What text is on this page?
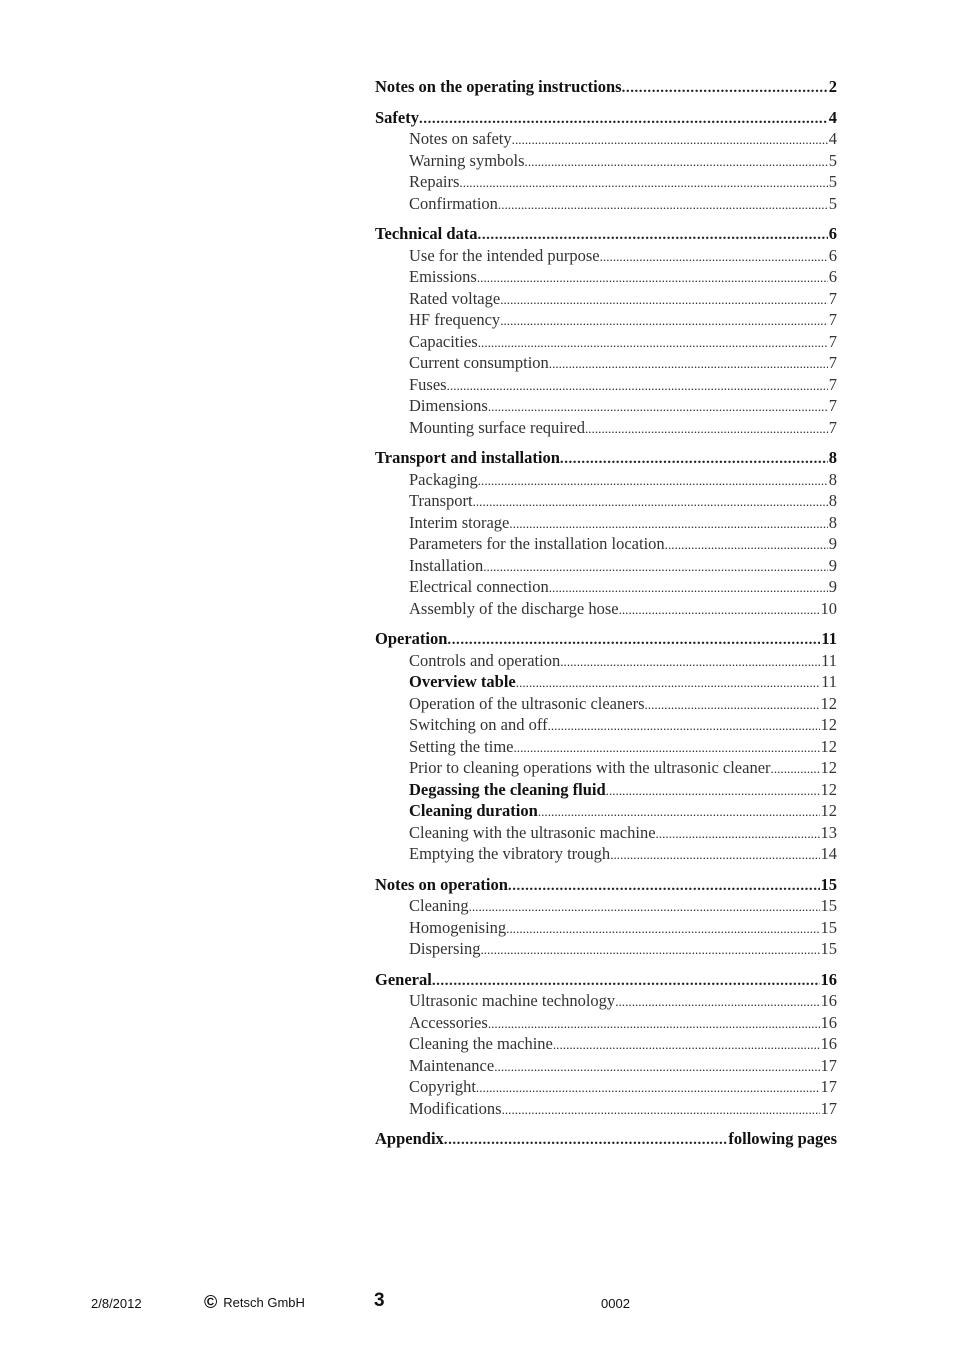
Notes on the operating instructions . . .	2
Safety . . .	4
Notes on safety . . .	4
Warning symbols . . .	5
Repairs . . .	5
Confirmation . . .	5
Technical data . . .	6
Use for the intended purpose . . .	6
Emissions . . .	6
Rated voltage . . .	7
HF frequency . . .	7
Capacities . . .	7
Current consumption . . .	7
Fuses . . .	7
Dimensions . . .	7
Mounting surface required . . .	7
Transport and installation . . .	8
Packaging . . .	8
Transport . . .	8
Interim storage . . .	8
Parameters for the installation location . . .	9
Installation . . .	9
Electrical connection . . .	9
Assembly of the discharge hose . . .	10
Operation . . .	11
Controls and operation . . .	11
Overview table . . .	11
Operation of the ultrasonic cleaners . . .	12
Switching on and off . . .	12
Setting the time . . .	12
Prior to cleaning operations with the ultrasonic cleaner . . .	12
Degassing the cleaning fluid . . .	12
Cleaning duration . . .	12
Cleaning with the ultrasonic machine . . .	13
Emptying the vibratory trough . . .	14
Notes on operation . . .	15
Cleaning . . .	15
Homogenising . . .	15
Dispersing . . .	15
General . . .	16
Ultrasonic machine technology . . .	16
Accessories . . .	16
Cleaning the machine . . .	16
Maintenance . . .	17
Copyright . . .	17
Modifications . . .	17
Appendix . . .	following pages
2/8/2012	© Retsch GmbH	3	0002
